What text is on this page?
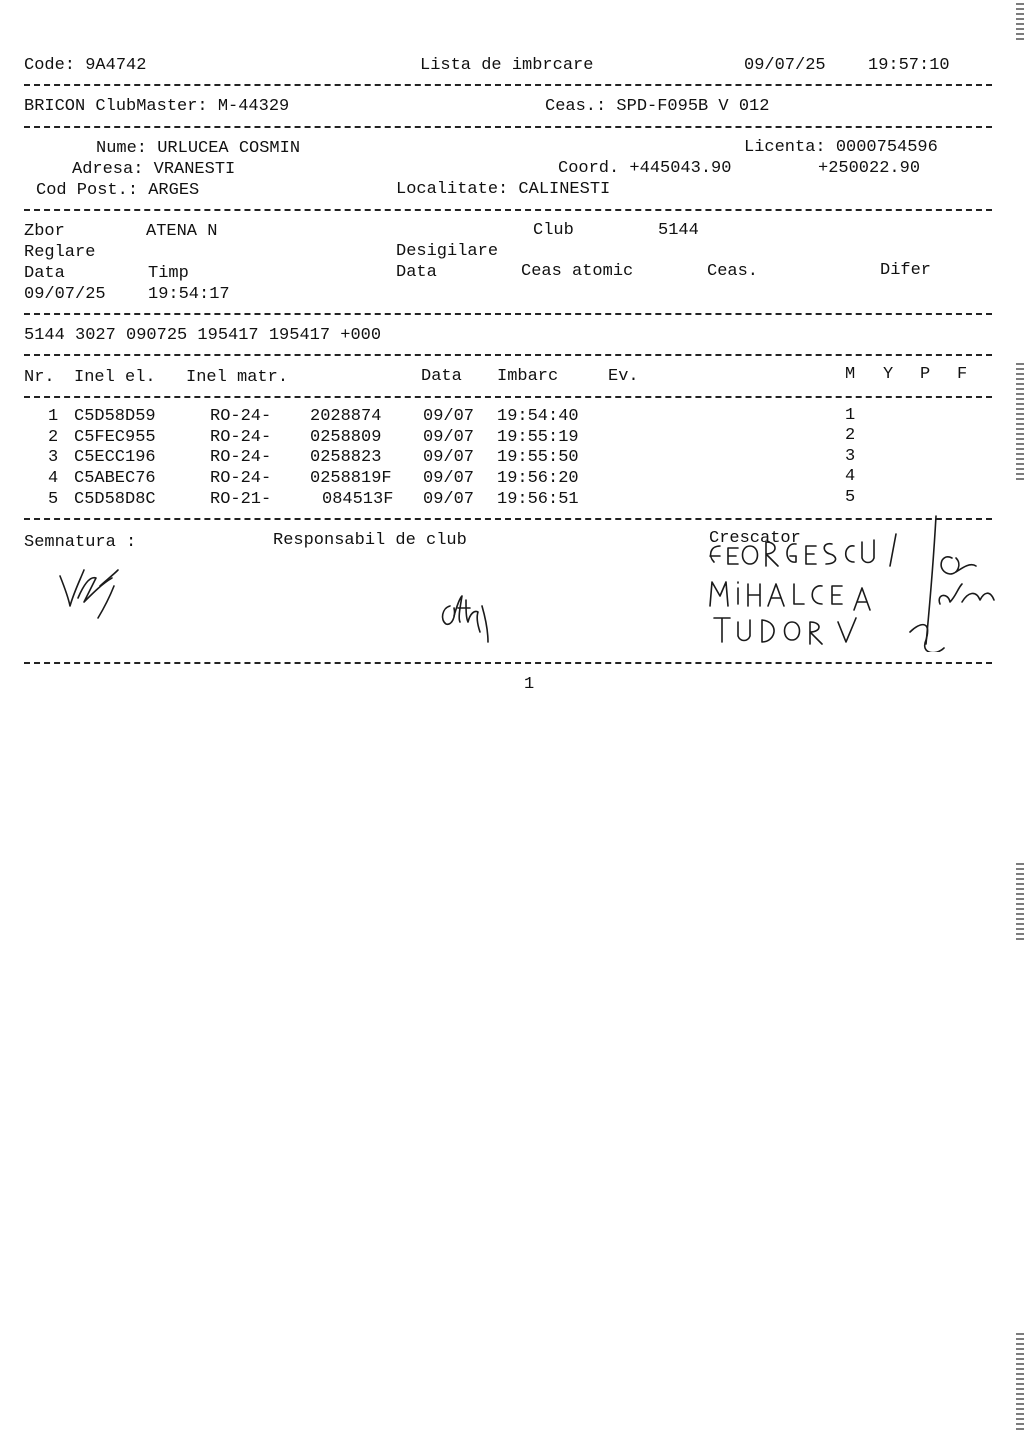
Code: 9A4742	Lista de imbrcare	09/07/25 19:57:10
BRICON ClubMaster: M-44329	Ceas.: SPD-F095B V 012
Nume: URLUCEA COSMIN	Licenta: 0000754596
Adresa: VRANESTI	Coord. +445043.90	+250022.90
Cod Post.: ARGES	Localitate: CALINESTI
Zbor	ATENA N	Club	5144
Reglare	Desigilare
Data	Timp	Data	Ceas atomic	Ceas.	Difer
09/07/25 19:54:17
5144 3027 090725 195417 195417 +000
Nr. Inel el. Inel matr.	Data Imbarc	Ev.	M Y P F
1 C5D58D59	RO-24- 2028874 09/07 19:54:40	1
2 C5FEC955	RO-24- 0258809 09/07 19:55:19	2
3 C5ECC196	RO-24- 0258823 09/07 19:55:50	3
4 C5ABEC76	RO-24- 0258819F 09/07 19:56:20	4
5 C5D58D8C	RO-21-	084513F 09/07 19:56:51	5
Semnatura :	Responsabil de club	Crescator
1
